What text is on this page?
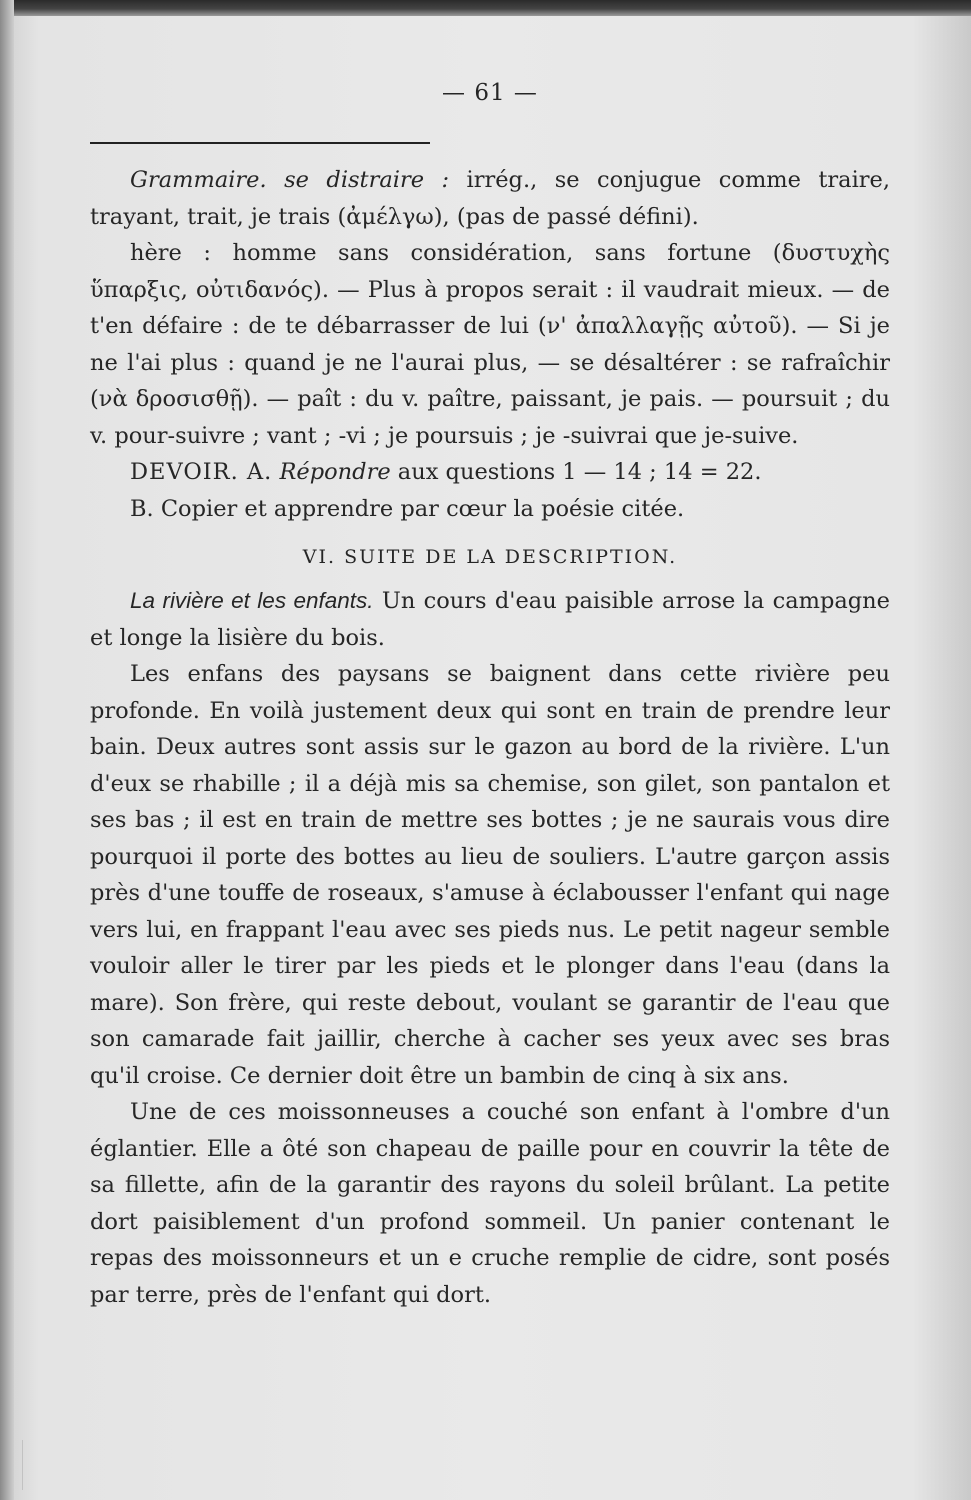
— 61 —

Grammaire. se distraire : irrég., se conjugue comme traire, trayant, trait, je trais (ἀμέλγω), (pas de passé défini).

hère : homme sans considération, sans fortune (δυστυχὴς ὕπαρξις, οὐτιδανός). — Plus à propos serait : il vaudrait mieux. — de t'en défaire : de te débarrasser de lui (ν' ἀπαλλαγῇς αὐτοῦ). — Si je ne l'ai plus : quand je ne l'aurai plus, — se désaltérer : se rafraîchir (νὰ δροσισθῇ). — paît : du v. paître, paissant, je pais. — poursuit ; du v. pour-suivre ; vant ; -vi ; je poursuis ; je -suivrai que je-suive.

DEVOIR. A. Répondre aux questions 1 — 14 ; 14 = 22.

B. Copier et apprendre par cœur la poésie citée.

VI. SUITE DE LA DESCRIPTION.

La rivière et les enfants. Un cours d'eau paisible arrose la campagne et longe la lisière du bois.

Les enfans des paysans se baignent dans cette rivière peu profonde. En voilà justement deux qui sont en train de prendre leur bain. Deux autres sont assis sur le gazon au bord de la rivière. L'un d'eux se rhabille ; il a déjà mis sa chemise, son gilet, son pantalon et ses bas ; il est en train de mettre ses bottes ; je ne saurais vous dire pourquoi il porte des bottes au lieu de souliers. L'autre garçon assis près d'une touffe de roseaux, s'amuse à éclabousser l'enfant qui nage vers lui, en frappant l'eau avec ses pieds nus. Le petit nageur semble vouloir aller le tirer par les pieds et le plonger dans l'eau (dans la mare). Son frère, qui reste debout, voulant se garantir de l'eau que son camarade fait jaillir, cherche à cacher ses yeux avec ses bras qu'il croise. Ce dernier doit être un bambin de cinq à six ans.

Une de ces moissonneuses a couché son enfant à l'ombre d'un églantier. Elle a ôté son chapeau de paille pour en couvrir la tête de sa fillette, afin de la garantir des rayons du soleil brûlant. La petite dort paisiblement d'un profond sommeil. Un panier contenant le repas des moissonneurs et un e cruche remplie de cidre, sont posés par terre, près de l'enfant qui dort.
